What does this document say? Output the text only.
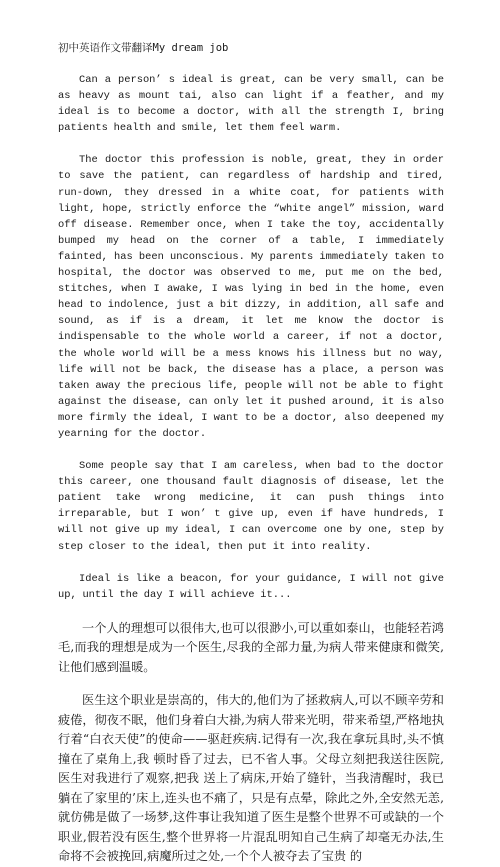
初中英语作文带翻译My dream job

Can a person’ s ideal is great, can be very small, can be as heavy as mount tai, also can light if a feather, and my ideal is to become a doctor, with all the strength I, bring patients health and smile, let them feel warm.

The doctor this profession is noble, great, they in order to save the patient, can regardless of hardship and tired, run-down, they dressed in a white coat, for patients with light, hope, strictly enforce the “white angel” mission, ward off disease. Remember once, when I take the toy, accidentally bumped my head on the corner of a table, I immediately fainted, has been unconscious. My parents immediately taken to hospital, the doctor was observed to me, put me on the bed, stitches, when I awake, I was lying in bed in the home, even head to indolence, just a bit dizzy, in addition, all safe and sound, as if is a dream, it let me know the doctor is indispensable to the whole world a career, if not a doctor, the whole world will be a mess knows his illness but no way, life will not be back, the disease has a place, a person was taken away the precious life, people will not be able to fight against the disease, can only let it pushed around, it is also more firmly the ideal, I want to be a doctor, also deepened my yearning for the doctor.

Some people say that I am careless, when bad to the doctor this career, one thousand fault diagnosis of disease, let the patient take wrong medicine, it can push things into irreparable, but I won’ t give up, even if have hundreds, I will not give up my ideal, I can overcome one by one, step by step closer to the ideal, then put it into reality.

Ideal is like a beacon, for your guidance, I will not give up, until the day I will achieve it...

一个人的理想可以很伟大,也可以很渺小,可以重如泰山，也能轻若鸿毛,而我的理想是成为一个医生,尽我的全部力量,为病人带来健康和微笑,让他们感到温暖。

医生这个职业是崇高的，伟大的,他们为了拯救病人,可以不顾辛劳和疲倦，彻夜不眠，他们身着白大褂,为病人带来光明，带来希望,严格地执行着“白衣天使”的使命——驱赶疾病.记得有一次,我在拿玩具时,头不慎撞在了桌角上,我 顿时昏了过去，已不省人事。父母立刻把我送往医院,医生对我进行了观察,把我 送上了病床,开始了缝针，当我清醒时，我已躺在了家里的’床上,连头也不痛了，只是有点晕，除此之外,全安然无恙,就仿佛是做了一场梦,这件事让我知道了医生是整个世界不可或缺的一个职业,假若没有医生,整个世界将一片混乱明知自己生病了却毫无办法,生命将不会被挽回,病魔所过之处,一个个人被夺去了宝贵 的
